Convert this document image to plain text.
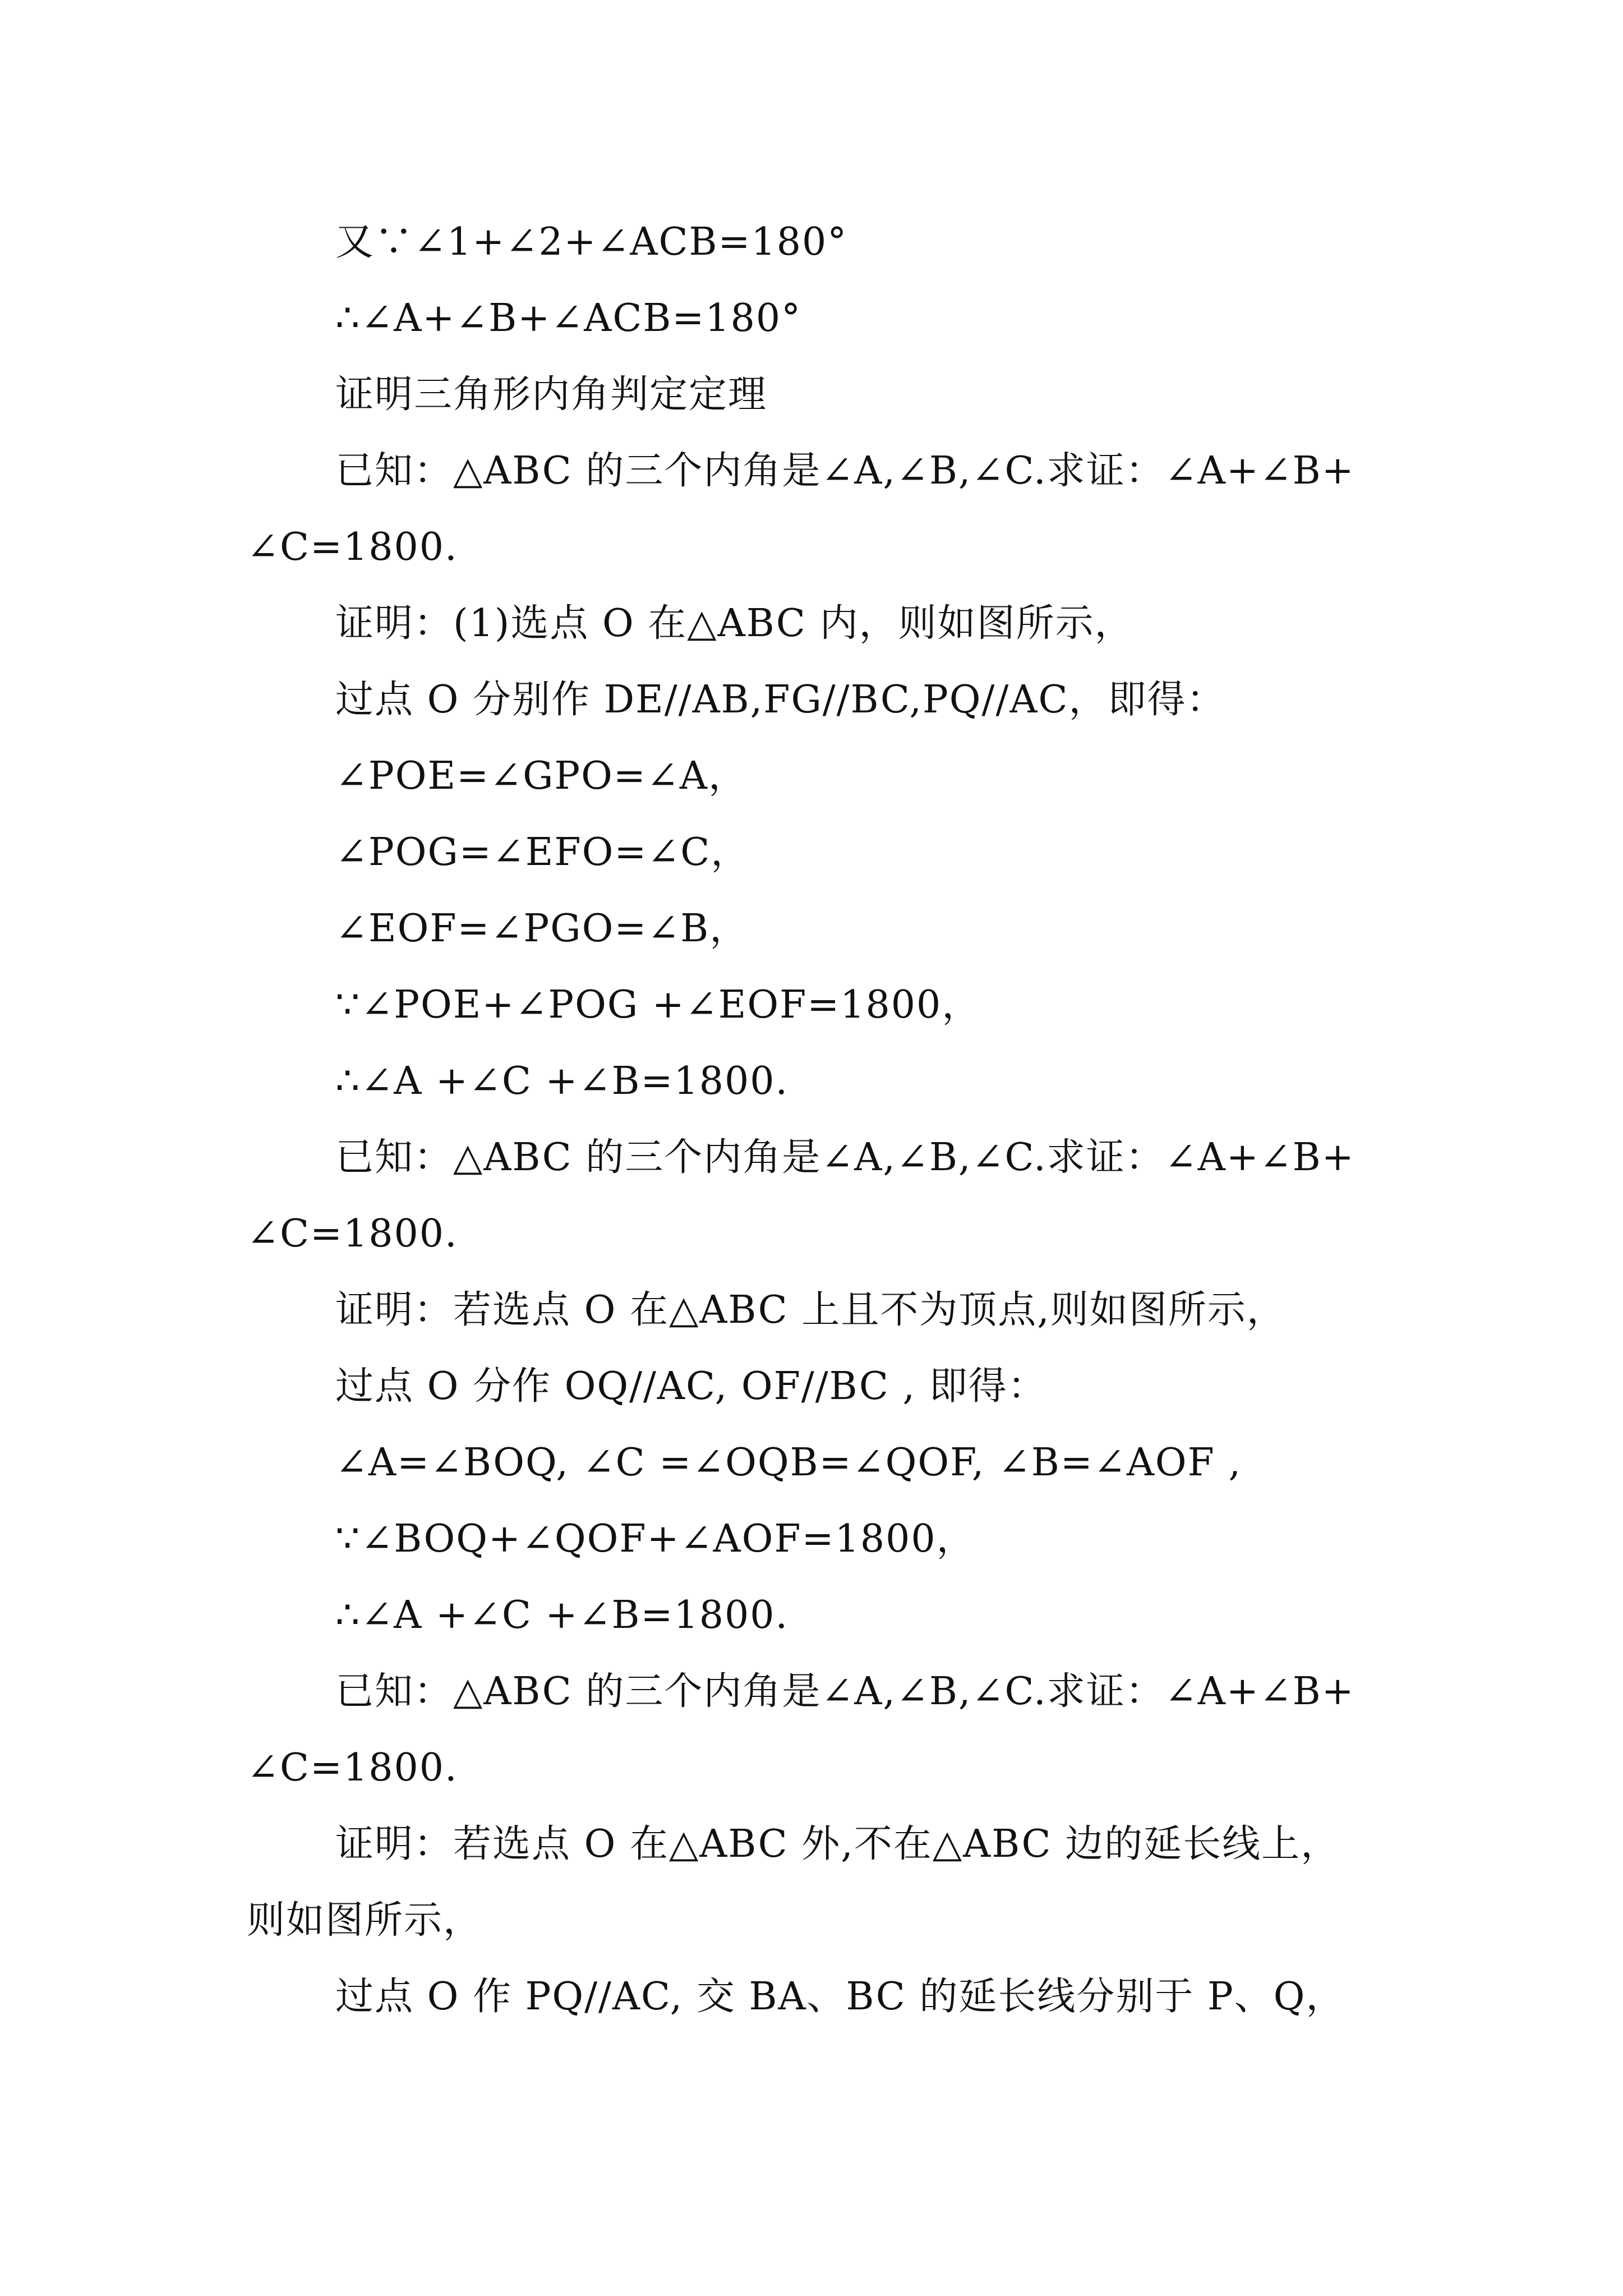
又∵∠1+∠2+∠ACB=180°
∴∠A+∠B+∠ACB=180°
证明三角形内角判定定理
已知：△ABC 的三个内角是∠A,∠B,∠C.求证：∠A+∠B+
∠C=1800.
证明：(1)选点 O 在△ABC 内，则如图所示，
过点 O 分别作 DE//AB,FG//BC,PQ//AC，即得：
∠POE=∠GPO=∠A，
∠POG=∠EFO=∠C，
∠EOF=∠PGO=∠B，
∵∠POE+∠POG +∠EOF=1800，
∴∠A +∠C +∠B=1800.
已知：△ABC 的三个内角是∠A,∠B,∠C.求证：∠A+∠B+
∠C=1800.
证明：若选点 O 在△ABC 上且不为顶点,则如图所示，
过点 O 分作 OQ//AC, OF//BC , 即得：
∠A=∠BOQ, ∠C =∠OQB=∠QOF, ∠B=∠AOF ,
∵∠BOQ+∠QOF+∠AOF=1800，
∴∠A +∠C +∠B=1800.
已知：△ABC 的三个内角是∠A,∠B,∠C.求证：∠A+∠B+
∠C=1800.
证明：若选点 O 在△ABC 外,不在△ABC 边的延长线上，
则如图所示，
过点 O 作 PQ//AC, 交 BA、BC 的延长线分别于 P、Q，
